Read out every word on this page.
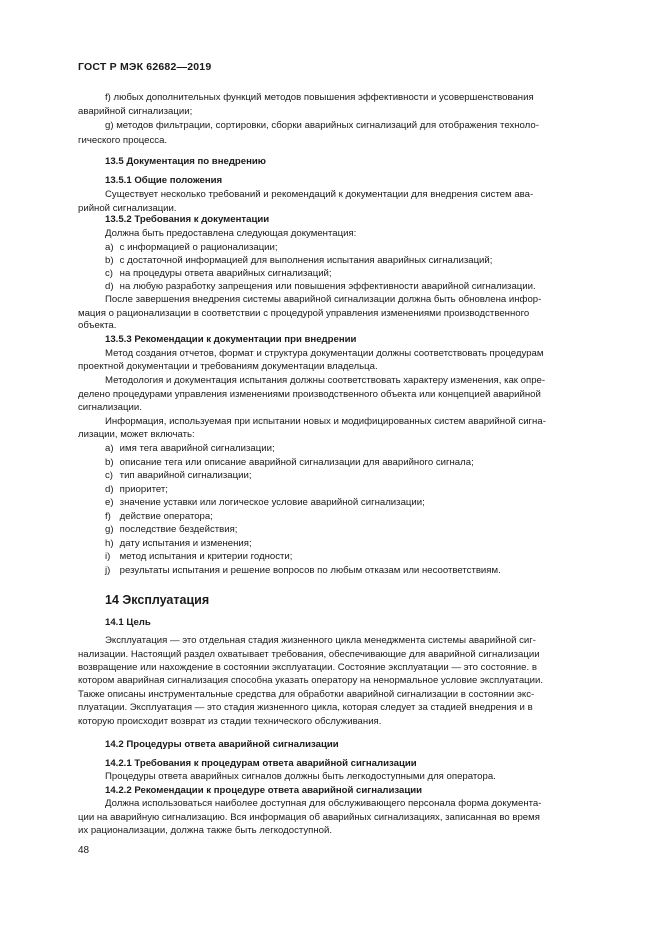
ГОСТ Р МЭК 62682—2019
f) любых дополнительных функций методов повышения эффективности и усовершенствования
аварийной сигнализации;
g) методов фильтрации, сортировки, сборки аварийных сигнализаций для отображения техноло-
гического процесса.
13.5 Документация по внедрению
13.5.1 Общие положения
Существует несколько требований и рекомендаций к документации для внедрения систем ава-
рийной сигнализации.
13.5.2 Требования к документации
Должна быть предоставлена следующая документация:
a) с информацией о рационализации;
b) с достаточной информацией для выполнения испытания аварийных сигнализаций;
c) на процедуры ответа аварийных сигнализаций;
d) на любую разработку запрещения или повышения эффективности аварийной сигнализации.
После завершения внедрения системы аварийной сигнализации должна быть обновлена инфор-
мация о рационализации в соответствии с процедурой управления изменениями производственного
объекта.
13.5.3 Рекомендации к документации при внедрении
Метод создания отчетов, формат и структура документации должны соответствовать процедурам
проектной документации и требованиям документации владельца.
Методология и документация испытания должны соответствовать характеру изменения, как опре-
делено процедурами управления изменениями производственного объекта или концепцией аварийной
сигнализации.
Информация, используемая при испытании новых и модифицированных систем аварийной сигна-
лизации, может включать:
a) имя тега аварийной сигнализации;
b) описание тега или описание аварийной сигнализации для аварийного сигнала;
c) тип аварийной сигнализации;
d) приоритет;
e) значение уставки или логическое условие аварийной сигнализации;
f) действие оператора;
g) последствие бездействия;
h) дату испытания и изменения;
i) метод испытания и критерии годности;
j) результаты испытания и решение вопросов по любым отказам или несоответствиям.
14 Эксплуатация
14.1 Цель
Эксплуатация — это отдельная стадия жизненного цикла менеджмента системы аварийной сиг-
нализации. Настоящий раздел охватывает требования, обеспечивающие для аварийной сигнализации
возвращение или нахождение в состоянии эксплуатации. Состояние эксплуатации — это состояние. в
котором аварийная сигнализация способна указать оператору на ненормальное условие эксплуатации.
Также описаны инструментальные средства для обработки аварийной сигнализации в состоянии экс-
плуатации. Эксплуатация — это стадия жизненного цикла, которая следует за стадией внедрения и в
которую происходит возврат из стадии технического обслуживания.
14.2 Процедуры ответа аварийной сигнализации
14.2.1 Требования к процедурам ответа аварийной сигнализации
Процедуры ответа аварийных сигналов должны быть легкодоступными для оператора.
14.2.2 Рекомендации к процедуре ответа аварийной сигнализации
Должна использоваться наиболее доступная для обслуживающего персонала форма документа-
ции на аварийную сигнализацию. Вся информация об аварийных сигнализациях, записанная во время
их рационализации, должна также быть легкодоступной.
48
